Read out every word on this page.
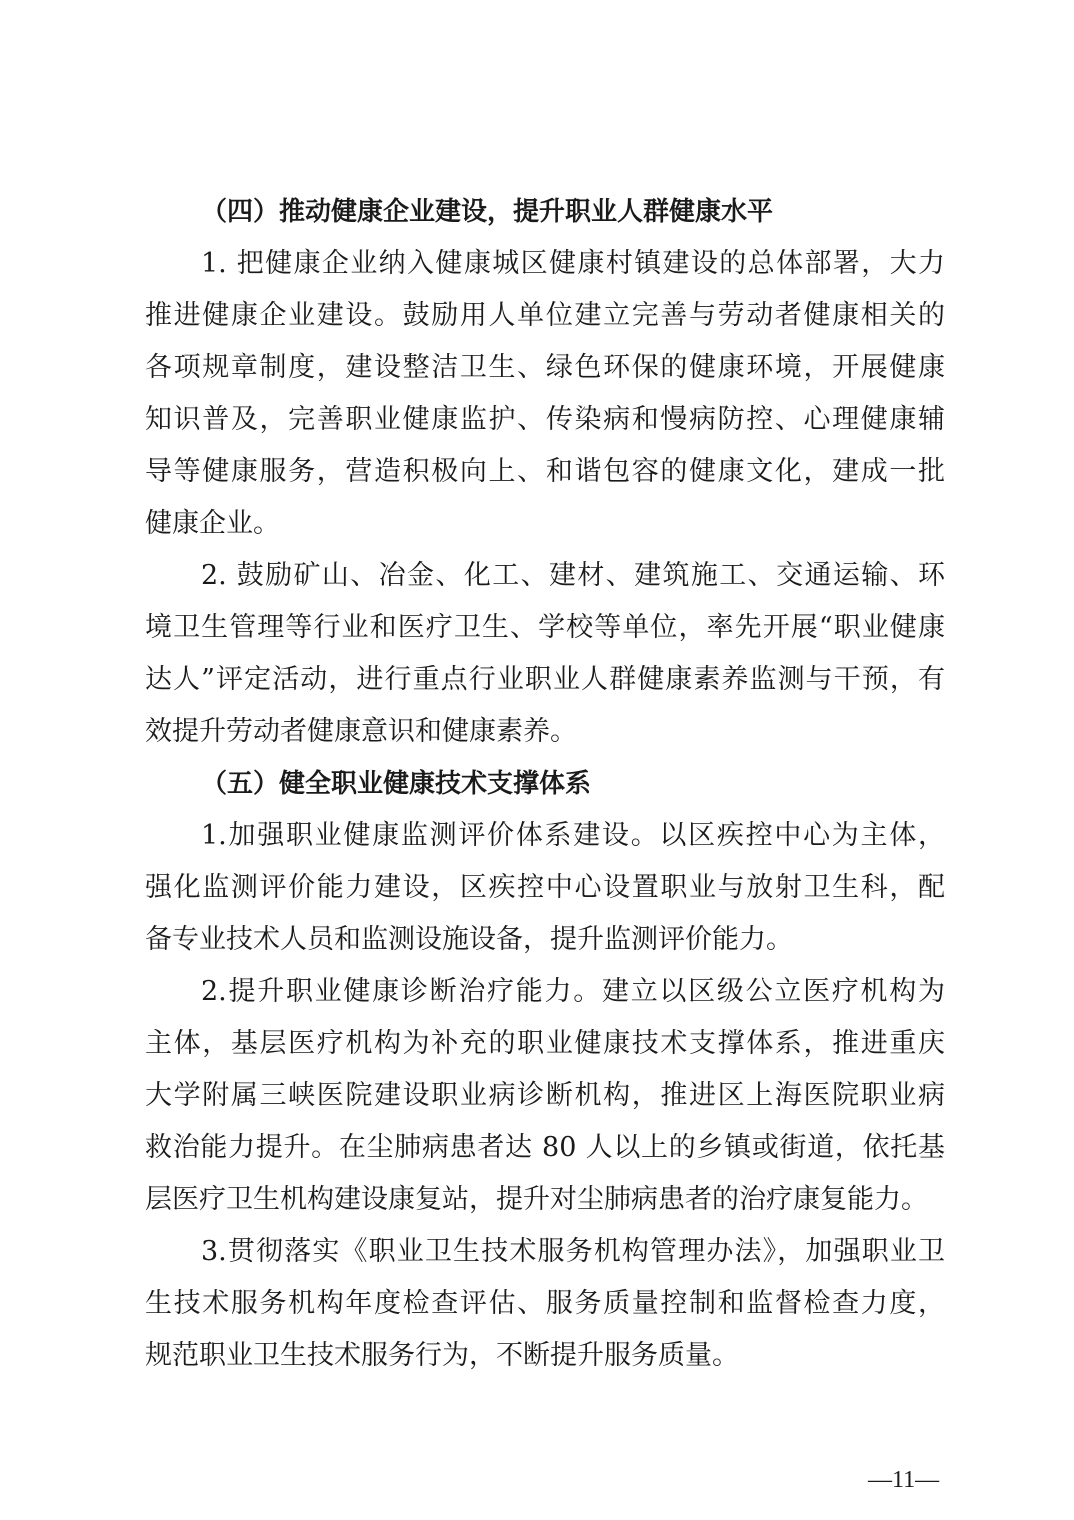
（四）推动健康企业建设，提升职业人群健康水平
1. 把健康企业纳入健康城区健康村镇建设的总体部署，大力
推进健康企业建设。鼓励用人单位建立完善与劳动者健康相关的
各项规章制度，建设整洁卫生、绿色环保的健康环境，开展健康
知识普及，完善职业健康监护、传染病和慢病防控、心理健康辅
导等健康服务，营造积极向上、和谐包容的健康文化，建成一批
健康企业。
2. 鼓励矿山、冶金、化工、建材、建筑施工、交通运输、环
境卫生管理等行业和医疗卫生、学校等单位，率先开展“职业健康
达人”评定活动，进行重点行业职业人群健康素养监测与干预，有
效提升劳动者健康意识和健康素养。
（五）健全职业健康技术支撑体系
1.加强职业健康监测评价体系建设。以区疾控中心为主体，
强化监测评价能力建设，区疾控中心设置职业与放射卫生科，配
备专业技术人员和监测设施设备，提升监测评价能力。
2.提升职业健康诊断治疗能力。建立以区级公立医疗机构为
主体，基层医疗机构为补充的职业健康技术支撑体系，推进重庆
大学附属三峡医院建设职业病诊断机构，推进区上海医院职业病
救治能力提升。在尘肺病患者达 80 人以上的乡镇或街道，依托基
层医疗卫生机构建设康复站，提升对尘肺病患者的治疗康复能力。
3.贯彻落实《职业卫生技术服务机构管理办法》，加强职业卫
生技术服务机构年度检查评估、服务质量控制和监督检查力度，
规范职业卫生技术服务行为，不断提升服务质量。
—11—
